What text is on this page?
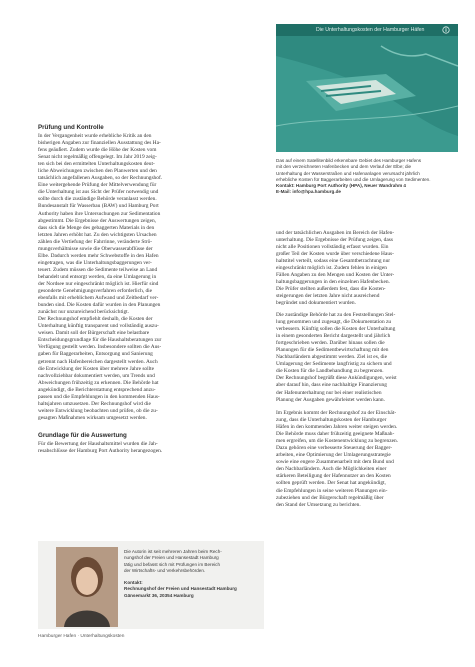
Die Unterhaltungskosten der Hamburger Häfen
Das auf einem Satellitenbild erkennbare Gebiet des Hamburger Hafens
mit den verzeichneten Hafenbecken und dem Verlauf der Elbe; die
Unterhaltung der Wasserstraßen und Hafenanlagen verursacht jährlich
erhebliche Kosten für Baggerarbeiten und die Umlagerung von Sedimenten.
Kontakt: Hamburg Port Authority (HPA), Neuer Wandrahm 4
E-Mail: info@hpa.hamburg.de
Prüfung und Kontrolle
In der Vergangenheit wurde erhebliche Kritik an den
bisherigen Angaben zur finanziellen Ausstattung des Ha-
fens geäußert. Zudem wurde die Höhe der Kosten vom
Senat nicht regelmäßig offengelegt. Im Jahr 2019 zeig-
ten sich bei den ermittelten Unterhaltungskosten deut-
liche Abweichungen zwischen den Planwerten und den
tatsächlich angefallenen Ausgaben, so der Rechnungshof.
Eine weitergehende Prüfung der Mittelverwendung für
die Unterhaltung ist aus Sicht der Prüfer notwendig und
sollte durch die zuständige Behörde veranlasst werden.
Bundesanstalt für Wasserbau (BAW) und Hamburg Port
Authority haben ihre Untersuchungen zur Sedimentation
abgestimmt. Die Ergebnisse der Auswertungen zeigen,
dass sich die Menge des gebaggerten Materials in den
letzten Jahren erhöht hat. Zu den wichtigsten Ursachen
zählen die Vertiefung der Fahrrinne, veränderte Strö-
mungsverhältnisse sowie die Oberwasserabflüsse der
Elbe. Dadurch werden mehr Schwebstoffe in den Hafen
eingetragen, was die Unterhaltungsbaggerungen ver-
teuert. Zudem müssen die Sedimente teilweise an Land
behandelt und entsorgt werden, da eine Umlagerung in
der Nordsee nur eingeschränkt möglich ist. Hierfür sind
gesonderte Genehmigungsverfahren erforderlich, die
ebenfalls mit erheblichem Aufwand und Zeitbedarf ver-
bunden sind. Die Kosten dafür wurden in den Planungen
zunächst nur unzureichend berücksichtigt.
Der Rechnungshof empfiehlt deshalb, die Kosten der
Unterhaltung künftig transparent und vollständig auszu-
weisen. Damit soll der Bürgerschaft eine belastbare
Entscheidungsgrundlage für die Haushaltsberatungen zur
Verfügung gestellt werden. Insbesondere sollten die Aus-
gaben für Baggerarbeiten, Entsorgung und Sanierung
getrennt nach Hafenbereichen dargestellt werden. Auch
die Entwicklung der Kosten über mehrere Jahre sollte
nachvollziehbar dokumentiert werden, um Trends und
Abweichungen frühzeitig zu erkennen. Die Behörde hat
angekündigt, die Berichterstattung entsprechend anzu-
passen und die Empfehlungen in den kommenden Haus-
haltsjahren umzusetzen. Der Rechnungshof wird die
weitere Entwicklung beobachten und prüfen, ob die zu-
gesagten Maßnahmen wirksam umgesetzt werden.
Grundlage für die Auswertung
Für die Bewertung der Haushaltsmittel wurden die Jah-
resabschlüsse der Hamburg Port Authority herangezogen.
Die Autorin ist seit mehreren Jahren beim Rech-
nungshof der Freien und Hansestadt Hamburg
tätig und befasst sich mit Prüfungen im Bereich
der Wirtschafts- und Verkehrsbehörden.
Kontakt:
Rechnungshof der Freien und Hansestadt Hamburg
Gänsemarkt 36, 20354 Hamburg
und der tatsächlichen Ausgaben im Bereich der Hafen-
unterhaltung. Die Ergebnisse der Prüfung zeigen, dass
nicht alle Positionen vollständig erfasst wurden. Ein
großer Teil der Kosten wurde über verschiedene Haus-
haltstitel verteilt, sodass eine Gesamtbetrachtung nur
eingeschränkt möglich ist. Zudem fehlen in einigen
Fällen Angaben zu den Mengen und Kosten der Unter-
haltungsbaggerungen in den einzelnen Hafenbecken.
Die Prüfer stellten außerdem fest, dass die Kosten-
steigerungen der letzten Jahre nicht ausreichend
begründet und dokumentiert wurden.
Die zuständige Behörde hat zu den Feststellungen Stel-
lung genommen und zugesagt, die Dokumentation zu
verbessern. Künftig sollen die Kosten der Unterhaltung
in einem gesonderten Bericht dargestellt und jährlich
fortgeschrieben werden. Darüber hinaus sollen die
Planungen für die Sedimentbewirtschaftung mit den
Nachbarländern abgestimmt werden. Ziel ist es, die
Umlagerung der Sedimente langfristig zu sichern und
die Kosten für die Landbehandlung zu begrenzen.
Der Rechnungshof begrüßt diese Ankündigungen, weist
aber darauf hin, dass eine nachhaltige Finanzierung
der Hafenunterhaltung nur bei einer realistischen
Planung der Ausgaben gewährleistet werden kann.
Im Ergebnis kommt der Rechnungshof zu der Einschät-
zung, dass die Unterhaltungskosten der Hamburger
Häfen in den kommenden Jahren weiter steigen werden.
Die Behörde muss daher frühzeitig geeignete Maßnah-
men ergreifen, um die Kostenentwicklung zu begrenzen.
Dazu gehören eine verbesserte Steuerung der Bagger-
arbeiten, eine Optimierung der Umlagerungsstrategie
sowie eine engere Zusammenarbeit mit dem Bund und
den Nachbarländern. Auch die Möglichkeiten einer
stärkeren Beteiligung der Hafennutzer an den Kosten
sollten geprüft werden. Der Senat hat angekündigt,
die Empfehlungen in seine weiteren Planungen ein-
zubeziehen und der Bürgerschaft regelmäßig über
den Stand der Umsetzung zu berichten.
Hamburger Hafen · Unterhaltungskosten
